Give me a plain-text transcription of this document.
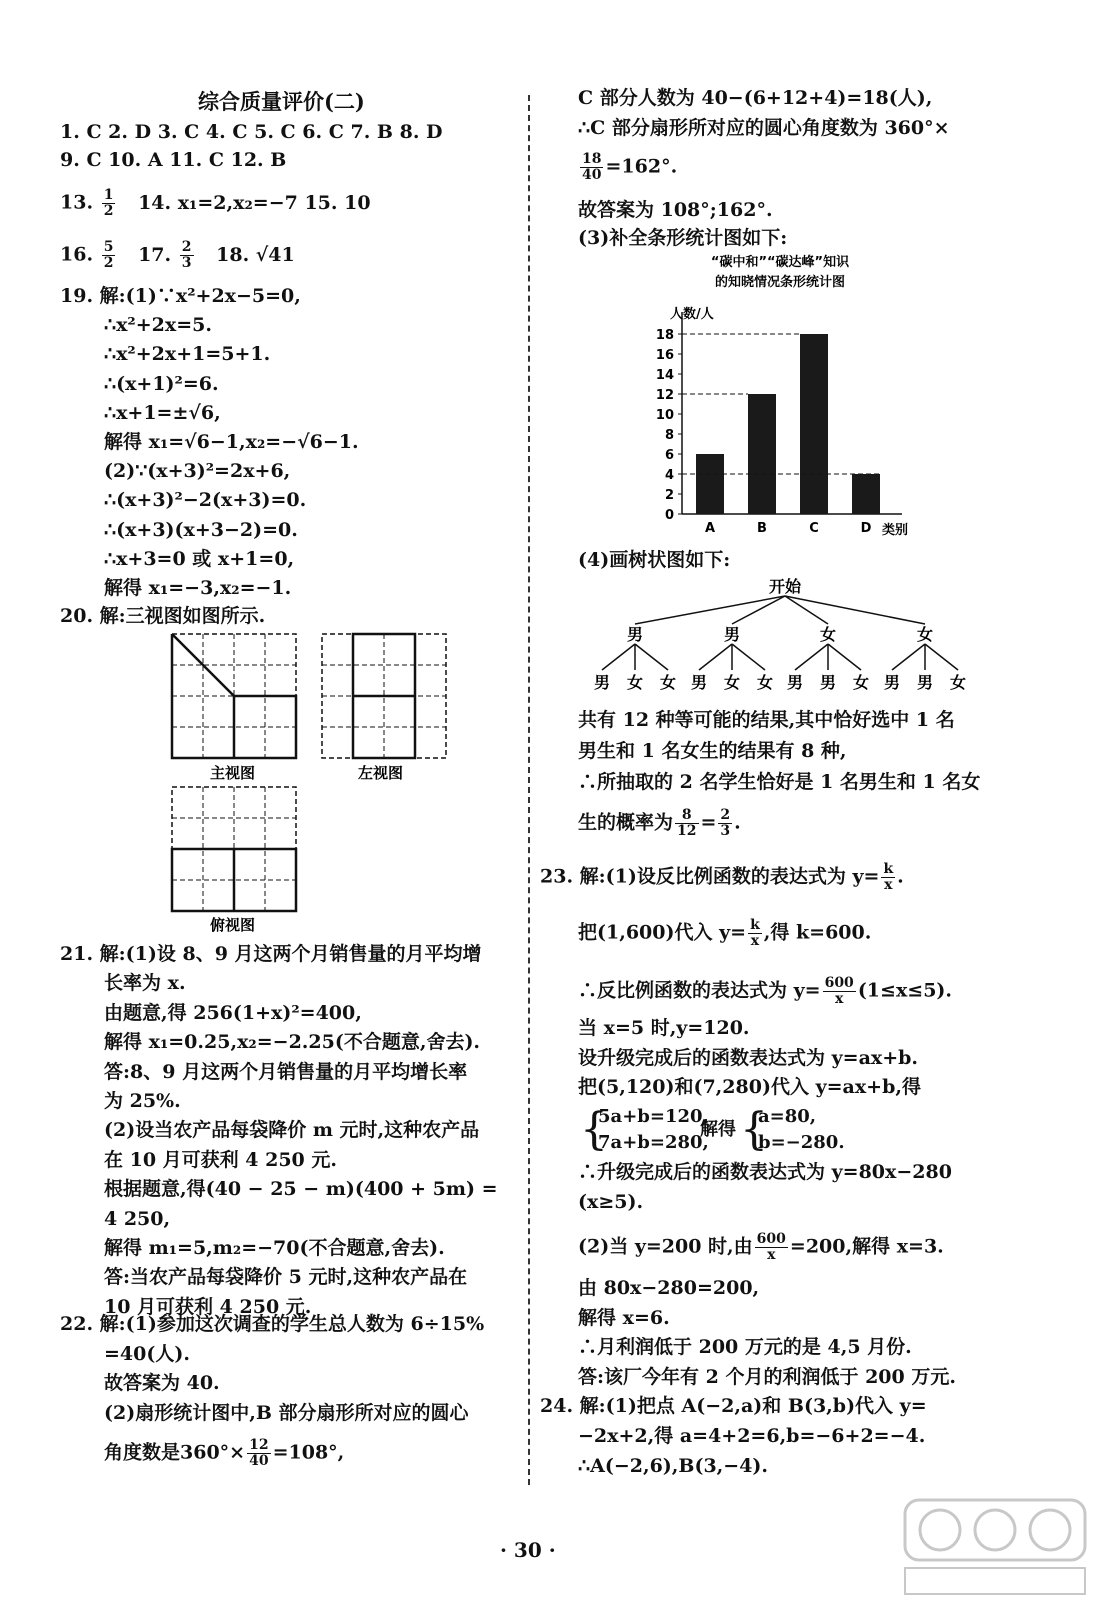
综合质量评价(二)
1. C 2. D 3. C 4. C 5. C 6. C 7. B 8. D
9. C 10. A 11. C 12. B
13. $\frac{1}{2} 14$. x₁=2,x₂=−7 15. 10
16. $\frac{5}{2} 17$. $\frac{2}{3} 18$. √41
19. 解:(1)∵x²+2x−5=0,
∴x²+2x=5.
∴x²+2x+1=5+1.
∴(x+1)²=6.
∴x+1=±√6,
解得 x₁=√6−1,x₂=−√6−1.
(2)∵(x+3)²=2x+6,
∴(x+3)²−2(x+3)=0.
∴(x+3)(x+3−2)=0.
∴x+3=0 或 x+1=0,
解得 x₁=−3,x₂=−1.
20. 解:三视图如图所示.
主视图	左视图
俯视图
21. 解:(1)设 8、9 月这两个月销售量的月平均增
长率为 x.
由题意,得 256(1+x)²=400,
解得 x₁=0.25,x₂=−2.25(不合题意,舍去).
答:8、9 月这两个月销售量的月平均增长率
为 25%.
(2)设当农产品每袋降价 m 元时,这种农产品
在 10 月可获利 4 250 元.
根据题意,得(40 − 25 − m)(400 + 5m) =
4 250,
解得 m₁=5,m₂=−70(不合题意,舍去).
答:当农产品每袋降价 5 元时,这种农产品在
10 月可获利 4 250 元.
22. 解:(1)参加这次调查的学生总人数为 6÷15%
=40(人).
故答案为 40.
(2)扇形统计图中,B 部分扇形所对应的圆心
角度数是$360^\circ\times \frac{12}{40} =108^\circ$,
C 部分人数为 40−(6+12+4)=18(人),
∴C 部分扇形所对应的圆心角度数为 360°×
$\frac{18}{40} =162^\circ$.
故答案为 108°;162°.
(3)补全条形统计图如下:
“碳中和”“碳达峰”知识
的知晓情况条形统计图
人数/人
类别
0
2
4
6
8
10
12
14
16
18
A	B	C	D
(4)画树状图如下:
开始
男	男	女	女
男 女 女 男 女 女 男 男 女 男 男 女
共有 12 种等可能的结果,其中恰好选中 1 名
男生和 1 名女生的结果有 8 种,
∴所抽取的 2 名学生恰好是 1 名男生和 1 名女
生的概率为 $\frac{8}{12} = \frac{2}{3}$ .
23. 解:(1)设反比例函数的表达式为 $y= \frac{k}{x}$ .
把(1,600)代入 $y= \frac{k}{x}$ ,得 k=600.
∴反比例函数的表达式为 $y= \frac{600}{x} (1\le x\le 5)$.
当 x=5 时,y=120.
设升级完成后的函数表达式为 y=ax+b.
把(5,120)和(7,280)代入 y=ax+b,得
{
5a+b=120,
7a+b=280,
解得 {
a=80,
b=−280.
∴升级完成后的函数表达式为 y=80x−280
(x≥5).
(2)当 y=200 时,由 $\frac{600}{x} =200$,解得 x=3.
由 80x−280=200,
解得 x=6.
∴月利润低于 200 万元的是 4,5 月份.
答:该厂今年有 2 个月的利润低于 200 万元.
24. 解:(1)把点 A(−2,a)和 B(3,b)代入 y=
−2x+2,得 a=4+2=6,b=−6+2=−4.
∴A(−2,6),B(3,−4).
· 30 ·
